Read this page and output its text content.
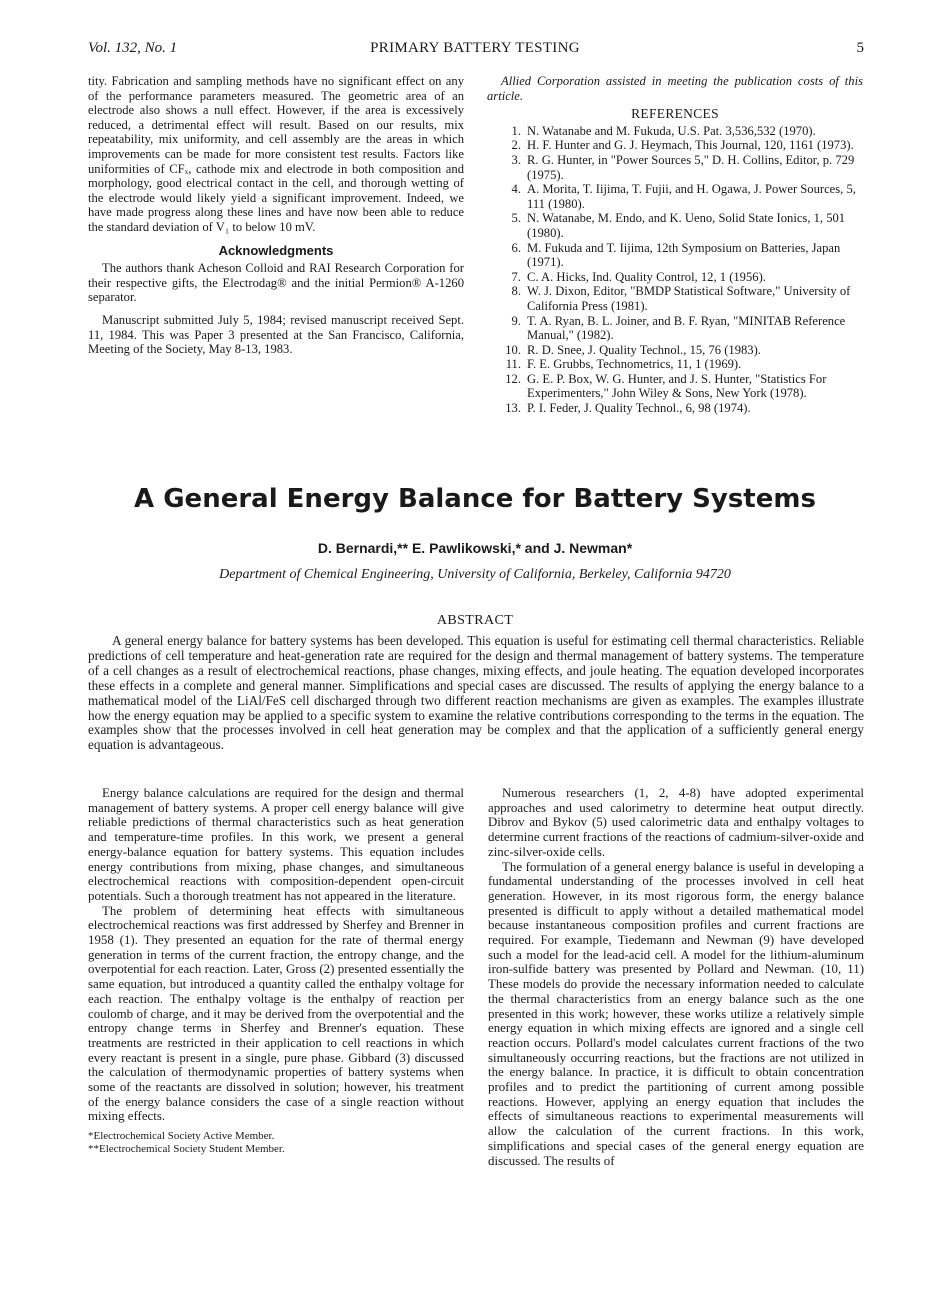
Vol. 132, No. 1	PRIMARY BATTERY TESTING	5

tity. Fabrication and sampling methods have no significant effect on any of the performance parameters measured. The geometric area of an electrode also shows a null effect. However, if the area is excessively reduced, a detrimental effect will result. Based on our results, mix repeatability, mix uniformity, and cell assembly are the areas in which improvements can be made for more consistent test results. Factors like uniformities of CFₓ, cathode mix and electrode in both composition and morphology, good electrical contact in the cell, and thorough wetting of the electrode would likely yield a significant improvement. Indeed, we have made progress along these lines and have now been able to reduce the standard deviation of V₁ to below 10 mV.

Acknowledgments

The authors thank Acheson Colloid and RAI Research Corporation for their respective gifts, the Electrodag® and the initial Permion® A-1260 separator.

Manuscript submitted July 5, 1984; revised manuscript received Sept. 11, 1984. This was Paper 3 presented at the San Francisco, California, Meeting of the Society, May 8-13, 1983.

Allied Corporation assisted in meeting the publication costs of this article.

REFERENCES
1. N. Watanabe and M. Fukuda, U.S. Pat. 3,536,532 (1970).
2. H. F. Hunter and G. J. Heymach, This Journal, 120, 1161 (1973).
3. R. G. Hunter, in "Power Sources 5," D. H. Collins, Editor, p. 729 (1975).
4. A. Morita, T. Iijima, T. Fujii, and H. Ogawa, J. Power Sources, 5, 111 (1980).
5. N. Watanabe, M. Endo, and K. Ueno, Solid State Ionics, 1, 501 (1980).
6. M. Fukuda and T. Iijima, 12th Symposium on Batteries, Japan (1971).
7. C. A. Hicks, Ind. Quality Control, 12, 1 (1956).
8. W. J. Dixon, Editor, "BMDP Statistical Software," University of California Press (1981).
9. T. A. Ryan, B. L. Joiner, and B. F. Ryan, "MINITAB Reference Manual," (1982).
10. R. D. Snee, J. Quality Technol., 15, 76 (1983).
11. F. E. Grubbs, Technometrics, 11, 1 (1969).
12. G. E. P. Box, W. G. Hunter, and J. S. Hunter, "Statistics For Experimenters," John Wiley & Sons, New York (1978).
13. P. I. Feder, J. Quality Technol., 6, 98 (1974).
A General Energy Balance for Battery Systems
D. Bernardi,** E. Pawlikowski,* and J. Newman*
Department of Chemical Engineering, University of California, Berkeley, California 94720
ABSTRACT

A general energy balance for battery systems has been developed. This equation is useful for estimating cell thermal characteristics. Reliable predictions of cell temperature and heat-generation rate are required for the design and thermal management of battery systems. The temperature of a cell changes as a result of electrochemical reactions, phase changes, mixing effects, and joule heating. The equation developed incorporates these effects in a complete and general manner. Simplifications and special cases are discussed. The results of applying the energy balance to a mathematical model of the LiAl/FeS cell discharged through two different reaction mechanisms are given as examples. The examples illustrate how the energy equation may be applied to a specific system to examine the relative contributions corresponding to the terms in the equation. The examples show that the processes involved in cell heat generation may be complex and that the application of a sufficiently general energy equation is advantageous.

Energy balance calculations are required for the design and thermal management of battery systems. A proper cell energy balance will give reliable predictions of thermal characteristics such as heat generation and temperature-time profiles. In this work, we present a general energy-balance equation for battery systems. This equation includes energy contributions from mixing, phase changes, and simultaneous electrochemical reactions with composition-dependent open-circuit potentials. Such a thorough treatment has not appeared in the literature.

The problem of determining heat effects with simultaneous electrochemical reactions was first addressed by Sherfey and Brenner in 1958 (1). They presented an equation for the rate of thermal energy generation in terms of the current fraction, the entropy change, and the overpotential for each reaction. Later, Gross (2) presented essentially the same equation, but introduced a quantity called the enthalpy voltage for each reaction. The enthalpy voltage is the enthalpy of reaction per coulomb of charge, and it may be derived from the overpotential and the entropy change terms in Sherfey and Brenner's equation. These treatments are restricted in their application to cell reactions in which every reactant is present in a single, pure phase. Gibbard (3) discussed the calculation of thermodynamic properties of battery systems when some of the reactants are dissolved in solution; however, his treatment of the energy balance considers the case of a single reaction without mixing effects.

*Electrochemical Society Active Member.
**Electrochemical Society Student Member.

Numerous researchers (1, 2, 4-8) have adopted experimental approaches and used calorimetry to determine heat output directly. Dibrov and Bykov (5) used calorimetric data and enthalpy voltages to determine current fractions of the reactions of cadmium-silver-oxide and zinc-silver-oxide cells.

The formulation of a general energy balance is useful in developing a fundamental understanding of the processes involved in cell heat generation. However, in its most rigorous form, the energy balance presented is difficult to apply without a detailed mathematical model because instantaneous composition profiles and current fractions are required. For example, Tiedemann and Newman (9) have developed such a model for the lead-acid cell. A model for the lithium-aluminum iron-sulfide battery was presented by Pollard and Newman. (10, 11) These models do provide the necessary information needed to calculate the thermal characteristics from an energy balance such as the one presented in this work; however, these works utilize a relatively simple energy equation in which mixing effects are ignored and a single cell reaction occurs. Pollard's model calculates current fractions of the two simultaneously occurring reactions, but the fractions are not utilized in the energy balance. In practice, it is difficult to obtain concentration profiles and to predict the partitioning of current among possible reactions. However, applying an energy equation that includes the effects of simultaneous reactions to experimental measurements will allow the calculation of the current fractions. In this work, simplifications and special cases of the general energy equation are discussed. The results of
